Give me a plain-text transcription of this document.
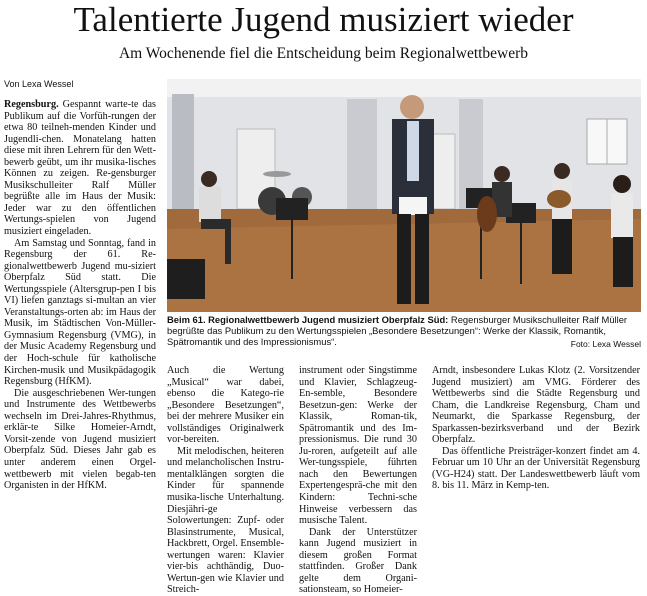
Talentierte Jugend musiziert wieder
Am Wochenende fiel die Entscheidung beim Regionalwettbewerb
Von Lexa Wessel

Regensburg. Gespannt warte-te das Publikum auf die Vorfüh-rungen der etwa 80 teilneh-menden Kinder und Jugendli-chen. Monatelang hatten diese mit ihren Lehrern für den Wett-bewerb geübt, um ihr musika-lisches Können zu zeigen. Re-gensburger Musikschulleiter Ralf Müller begrüßte alle im Haus der Musik: Jeder war zu den öffentlichen Wertungs-spielen von Jugend musiziert eingeladen.

Am Samstag und Sonntag, fand in Regensburg der 61. Re-gionalwettbewerb Jugend mu-siziert Oberpfalz Süd statt. Die Wertungsspiele (Altersgrup-pen I bis VI) liefen ganztags si-multan an vier Veranstaltungs-orten ab: im Haus der Musik, im Städtischen Von-Müller-Gymnasium Regensburg (VMG), in der Music Academy Regensburg und der Hoch-schule für katholische Kirchen-musik und Musikpädagogik Regensburg (HfKM).

Die ausgeschriebenen Wer-tungen und Instrumente des Wettbewerbs wechseln im Drei-Jahres-Rhythmus, erklär-te Silke Homeier-Arndt, Vorsit-zende von Jugend musiziert Oberpfalz Süd. Dieses Jahr gab es unter anderem einen Orgel-wettbewerb mit vielen begab-ten Organisten in der HfKM.

Beim 61. Regionalwettbewerb Jugend musiziert Oberpfalz Süd: Regensburger Musikschulleiter Ralf Müller begrüßte das Publikum zu den Wertungsspielen „Besondere Besetzungen“: Werke der Klassik, Romantik, Spätromantik und des Impressionismus“.	Foto: Lexa Wessel

Auch die Wertung „Musical“ war dabei, ebenso die Katego-rie „Besondere Besetzungen“, bei der mehrere Musiker ein vollständiges Originalwerk vor-bereiten.

Mit melodischen, heiteren und melancholischen Instru-mentalklängen sorgten die Kinder für spannende musika-lische Unterhaltung. Diesjähri-ge Solowertungen: Zupf- oder Blasinstrumente, Musical, Hackbrett, Orgel. Ensemble-wertungen waren: Klavier vier-bis achthändig, Duo-Wertun-gen wie Klavier und Streich-

instrument oder Singstimme und Klavier, Schlagzeug-En-semble, Besondere Besetzun-gen: Werke der Klassik, Roman-tik, Spätromantik und des Im-pressionismus. Die rund 30 Ju-roren, aufgeteilt auf alle Wer-tungsspiele, führten nach den Bewertungen Expertengesprä-che mit den Kindern: Techni-sche Hinweise verbessern das musische Talent.

Dank der Unterstützer kann Jugend musiziert in diesem großen Format stattfinden. Großer Dank gelte dem Organi-sationsteam, so Homeier-

Arndt, insbesondere Lukas Klotz (2. Vorsitzender Jugend musiziert) am VMG. Förderer des Wettbewerbs sind die Städte Regensburg und Cham, die Landkreise Regensburg, Cham und Neumarkt, die Sparkasse Regensburg, der Sparkassen-bezirksverband und der Bezirk Oberpfalz.

Das öffentliche Preisträger-konzert findet am 4. Februar um 10 Uhr an der Universität Regensburg (VG-H24) statt. Der Landeswettbewerb läuft vom 8. bis 11. März in Kemp-ten.
